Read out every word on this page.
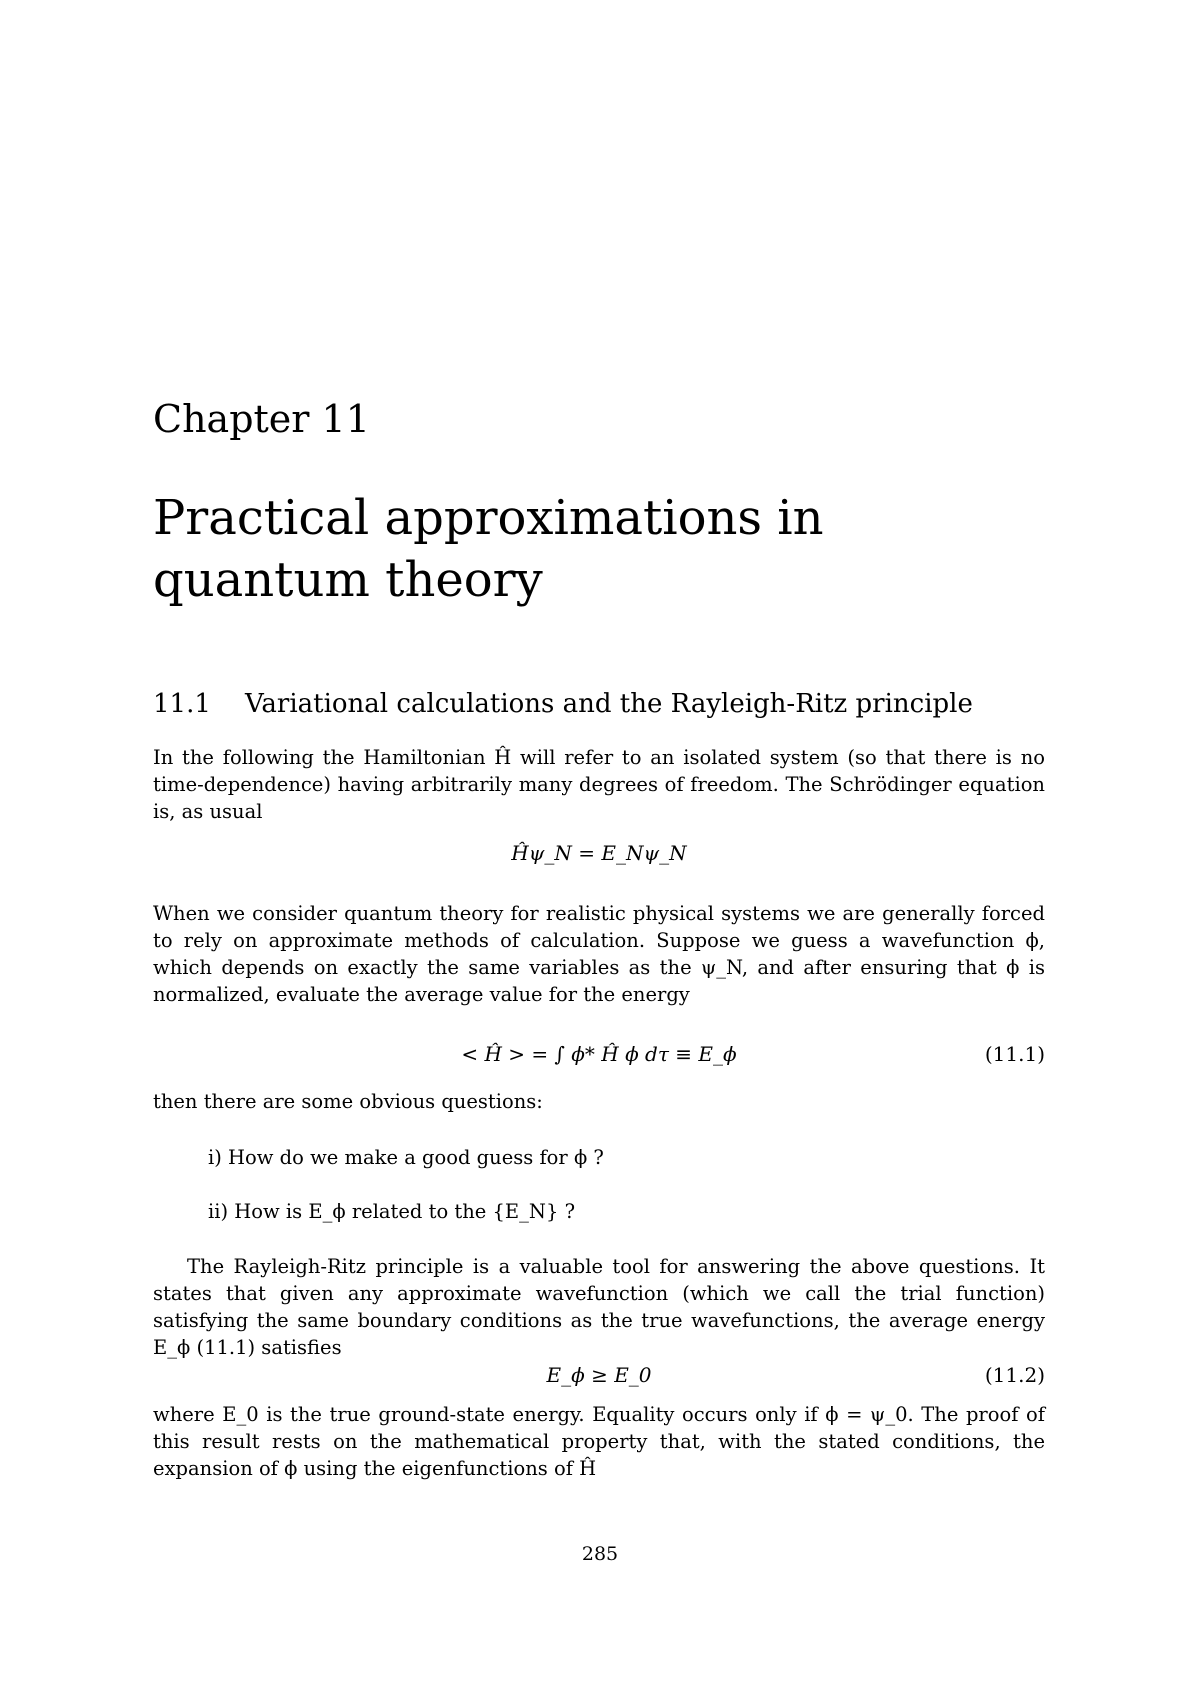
Chapter 11
Practical approximations in
quantum theory
11.1 Variational calculations and the Rayleigh-Ritz principle

In the following the Hamiltonian Ĥ will refer to an isolated system (so that there is no time-dependence) having arbitrarily many degrees of freedom. The Schrödinger equation is, as usual

Ĥψ_N = E_Nψ_N

When we consider quantum theory for realistic physical systems we are generally forced to rely on approximate methods of calculation. Suppose we guess a wavefunction ϕ, which depends on exactly the same variables as the ψ_N, and after ensuring that ϕ is normalized, evaluate the average value for the energy

< Ĥ > = ∫ ϕ* Ĥ ϕ dτ ≡ E_ϕ	(11.1)

then there are some obvious questions:

i) How do we make a good guess for ϕ ?
ii) How is E_ϕ related to the {E_N} ?

The Rayleigh-Ritz principle is a valuable tool for answering the above questions. It states that given any approximate wavefunction (which we call the trial function) satisfying the same boundary conditions as the true wavefunctions, the average energy E_ϕ (11.1) satisfies

E_ϕ ≥ E_0	(11.2)

where E_0 is the true ground-state energy. Equality occurs only if ϕ = ψ_0. The proof of this result rests on the mathematical property that, with the stated conditions, the expansion of ϕ using the eigenfunctions of Ĥ

285
